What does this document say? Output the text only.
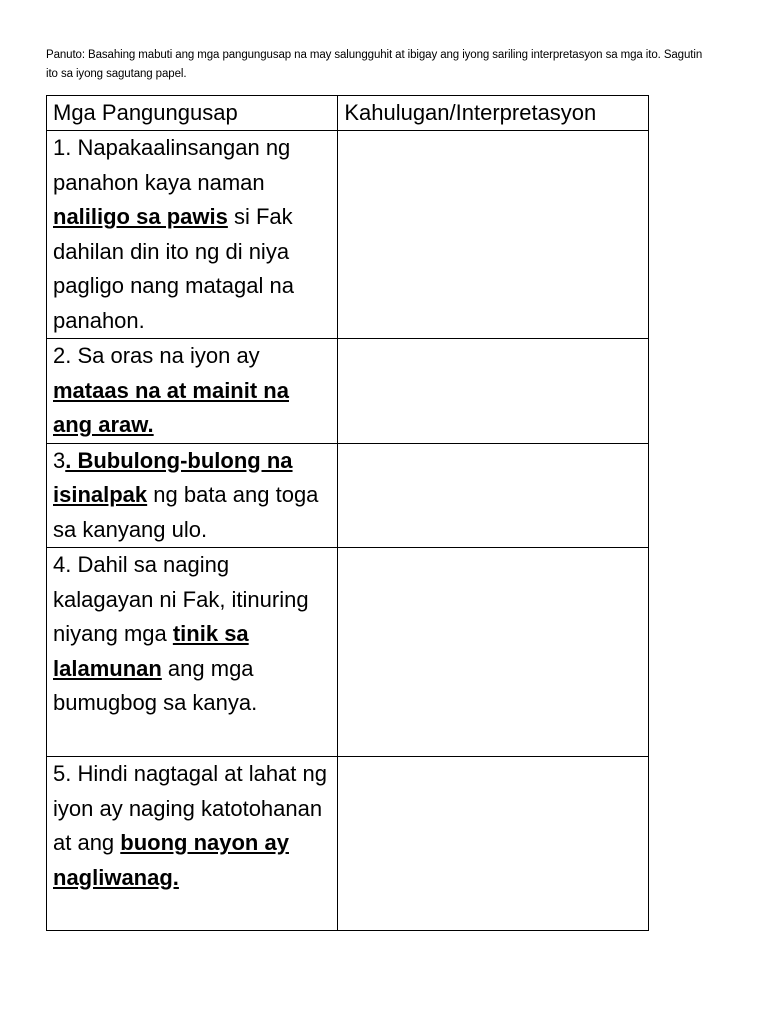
Panuto: Basahing mabuti ang mga pangungusap na may salungguhit at ibigay ang iyong sariling interpretasyon sa mga ito. Sagutin ito sa iyong sagutang papel.
Mga Pangungusap	Kahulugan/Interpretasyon
1. Napakaalinsangan ng panahon kaya naman naliligo sa pawis si Fak dahilan din ito ng di niya pagligo nang matagal na panahon.	
2. Sa oras na iyon ay mataas na at mainit na ang araw.	
3. Bubulong-bulong na isinalpak ng bata ang toga sa kanyang ulo.	
4. Dahil sa naging kalagayan ni Fak, itinuring niyang mga tinik sa lalamunan ang mga bumugbog sa kanya.	
5. Hindi nagtagal at lahat ng iyon ay naging katotohanan at ang buong nayon ay nagliwanag.	
